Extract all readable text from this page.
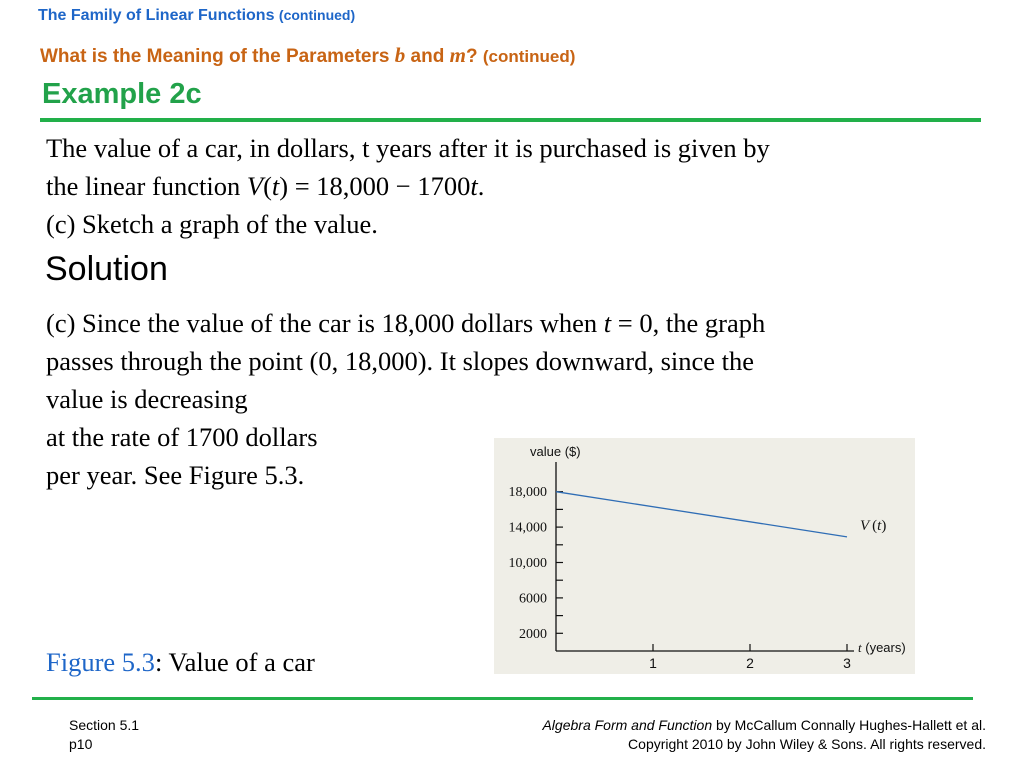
The Family of Linear Functions (continued)
What is the Meaning of the Parameters b and m? (continued)
Example 2c
The value of a car, in dollars, t years after it is purchased is given by
the linear function V(t) = 18,000 − 1700t.
(c) Sketch a graph of the value.
Solution
(c) Since the value of the car is 18,000 dollars when t = 0, the graph
passes through the point (0, 18,000). It slopes downward, since the
value is decreasing
at the rate of 1700 dollars
per year. See Figure 5.3.
value ($)
18,000
14,000
10,000
6000
2000
1	2	3
V (t)
t (years)
Figure 5.3: Value of a car
Section 5.1
p10
Algebra Form and Function by McCallum Connally Hughes-Hallett et al.
Copyright 2010 by John Wiley & Sons. All rights reserved.
